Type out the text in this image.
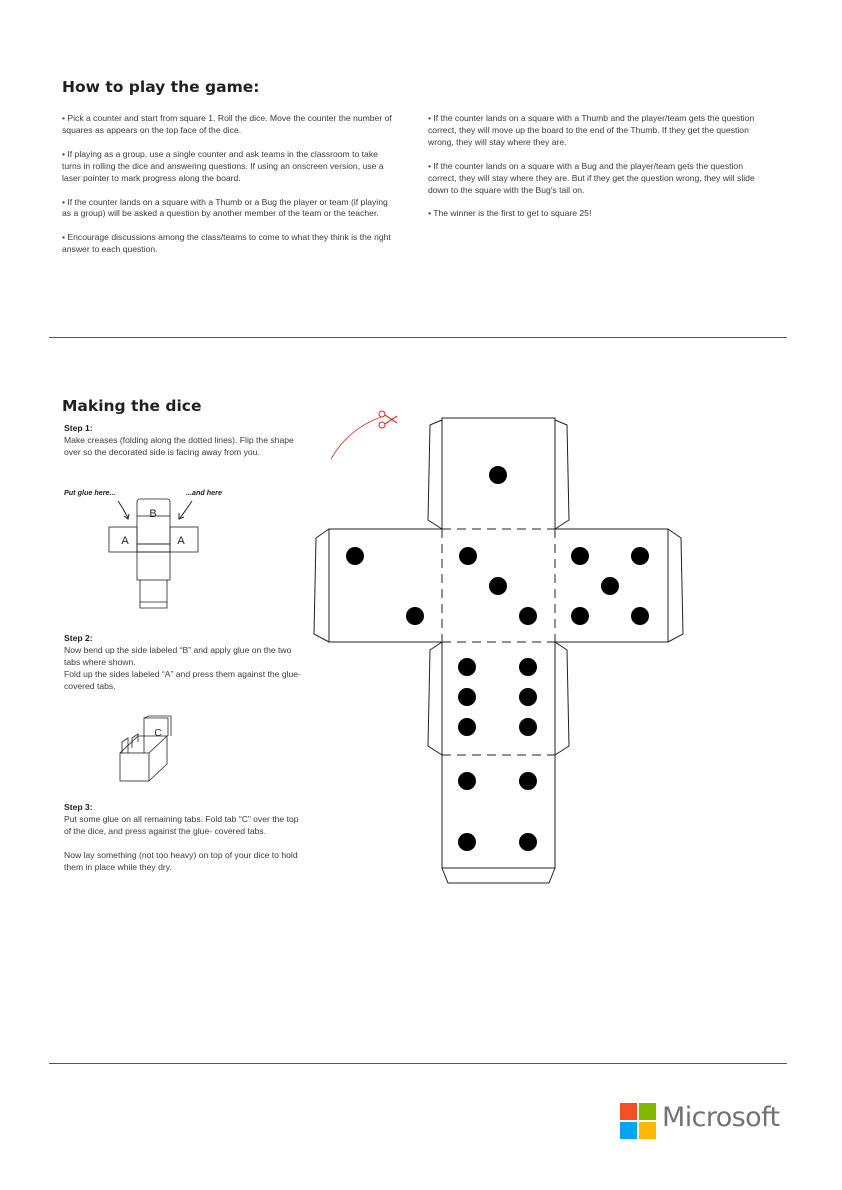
How to play the game:

• Pick a counter and start from square 1. Roll the dice. Move the counter the number of squares as appears on the top face of the dice.

• If playing as a group, use a single counter and ask teams in the classroom to take turns in rolling the dice and answering questions. If using an onscreen version, use a laser pointer to mark progress along the board.

• If the counter lands on a square with a Thumb or a Bug the player or team (if playing as a group) will be asked a question by another member of the team or the teacher.

• Encourage discussions among the class/teams to come to what they think is the right answer to each question.

• If the counter lands on a square with a Thumb and the player/team gets the question correct, they will move up the board to the end of the Thumb. If they get the question wrong, they will stay where they are.

• If the counter lands on a square with a Bug and the player/team gets the question correct, they will stay where they are. But if they get the question wrong, they will slide down to the square with the Bug's tail on.

• The winner is the first to get to square 25!

Making the dice
Step 1:
Make creases (folding along the dotted lines). Flip the shape over so the decorated side is facing away from you.
Put glue here...	...and here
B
A	A
Step 2:
Now bend up the side labeled “B” and apply glue on the two tabs where shown.
Fold up the sides labeled “A” and press them against the glue-covered tabs.
C
Step 3:

Put some glue on all remaining tabs. Fold tab “C” over the top of the dice, and press against the glue- covered tabs.

Now lay something (not too heavy) on top of your dice to hold them in place while they dry.

Microsoft
